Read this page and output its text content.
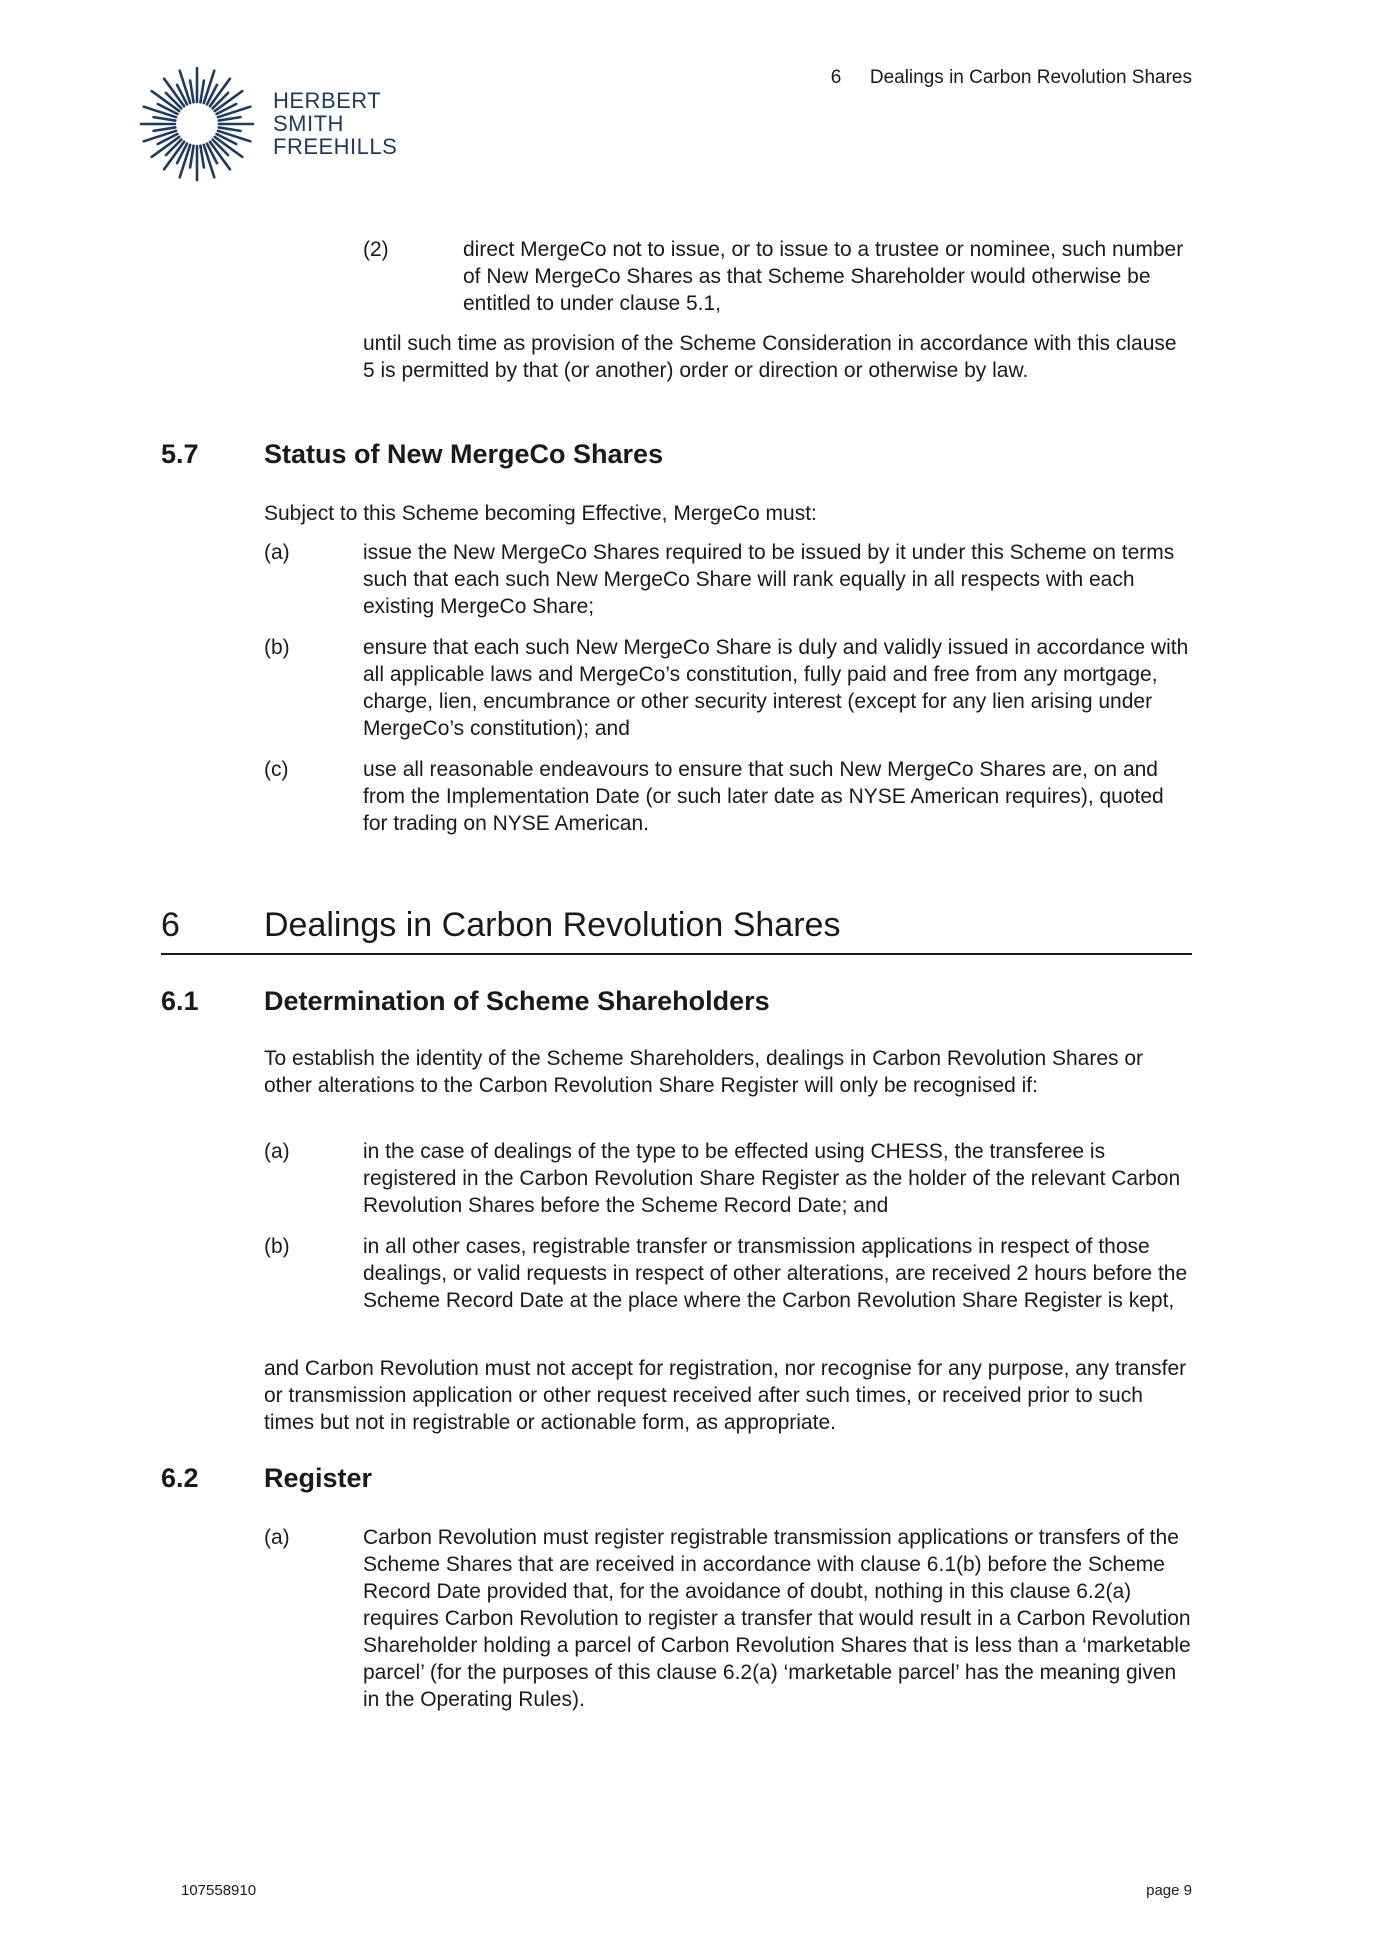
HERBERT
SMITH
FREEHILLS
6 Dealings in Carbon Revolution Shares
(2)	direct MergeCo not to issue, or to issue to a trustee or nominee, such number of New MergeCo Shares as that Scheme Shareholder would otherwise be entitled to under clause 5.1,

until such time as provision of the Scheme Consideration in accordance with this clause 5 is permitted by that (or another) order or direction or otherwise by law.

5.7 Status of New MergeCo Shares

Subject to this Scheme becoming Effective, MergeCo must:

(a)	issue the New MergeCo Shares required to be issued by it under this Scheme on terms such that each such New MergeCo Share will rank equally in all respects with each existing MergeCo Share;

(b)	ensure that each such New MergeCo Share is duly and validly issued in accordance with all applicable laws and MergeCo’s constitution, fully paid and free from any mortgage, charge, lien, encumbrance or other security interest (except for any lien arising under MergeCo’s constitution); and

(c)	use all reasonable endeavours to ensure that such New MergeCo Shares are, on and from the Implementation Date (or such later date as NYSE American requires), quoted for trading on NYSE American.

6 Dealings in Carbon Revolution Shares
6.1 Determination of Scheme Shareholders

To establish the identity of the Scheme Shareholders, dealings in Carbon Revolution Shares or other alterations to the Carbon Revolution Share Register will only be recognised if:

(a)	in the case of dealings of the type to be effected using CHESS, the transferee is registered in the Carbon Revolution Share Register as the holder of the relevant Carbon Revolution Shares before the Scheme Record Date; and

(b)	in all other cases, registrable transfer or transmission applications in respect of those dealings, or valid requests in respect of other alterations, are received 2 hours before the Scheme Record Date at the place where the Carbon Revolution Share Register is kept,

and Carbon Revolution must not accept for registration, nor recognise for any purpose, any transfer or transmission application or other request received after such times, or received prior to such times but not in registrable or actionable form, as appropriate.

6.2 Register
(a)	Carbon Revolution must register registrable transmission applications or transfers of the Scheme Shares that are received in accordance with clause 6.1(b) before the Scheme Record Date provided that, for the avoidance of doubt, nothing in this clause 6.2(a) requires Carbon Revolution to register a transfer that would result in a Carbon Revolution Shareholder holding a parcel of Carbon Revolution Shares that is less than a ‘marketable parcel’ (for the purposes of this clause 6.2(a) ‘marketable parcel’ has the meaning given in the Operating Rules).

107558910	page 9
